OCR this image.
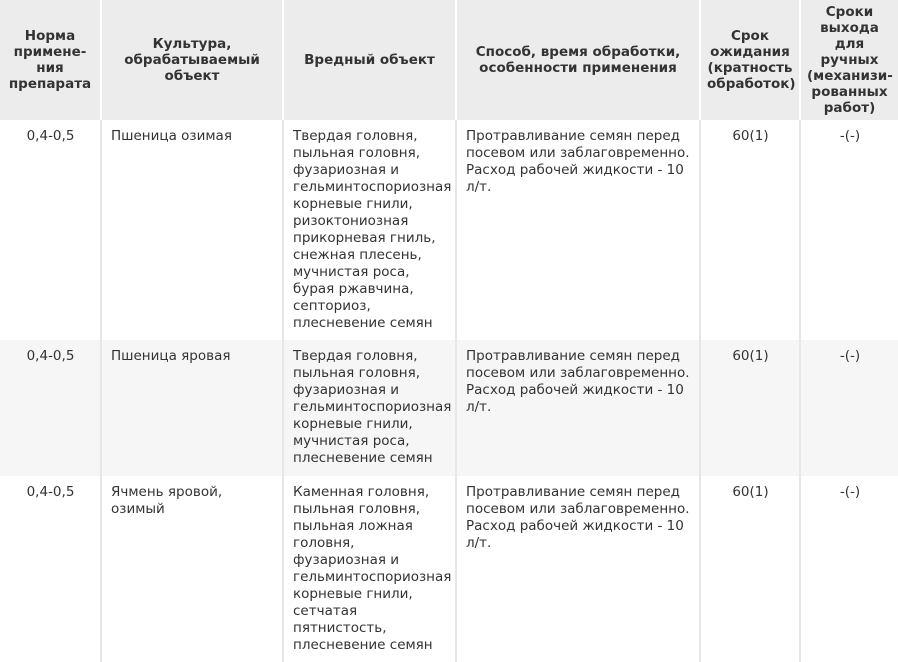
Норма примене-ния препарата	Культура, обрабатываемый объект	Вредный объект	Способ, время обработки, особенности применения	Срок ожидания (кратность обработок)	Сроки выхода для ручных (механизи-рованных работ)
0,4-0,5	Пшеница озимая	Твердая головня, пыльная головня, фузариозная и гельминтоспориозная корневые гнили, ризоктониозная прикорневая гниль, снежная плесень, мучнистая роса, бурая ржавчина, септориоз, плесневение семян	Протравливание семян перед посевом или заблаговременно. Расход рабочей жидкости - 10 л/т.	60(1)	-(-)
0,4-0,5	Пшеница яровая	Твердая головня, пыльная головня, фузариозная и гельминтоспориозная корневые гнили, мучнистая роса, плесневение семян	Протравливание семян перед посевом или заблаговременно. Расход рабочей жидкости - 10 л/т.	60(1)	-(-)
0,4-0,5	Ячмень яровой, озимый	Каменная головня, пыльная головня, пыльная ложная головня, фузариозная и гельминтоспориозная корневые гнили, сетчатая пятнистость, плесневение семян	Протравливание семян перед посевом или заблаговременно. Расход рабочей жидкости - 10 л/т.	60(1)	-(-)
